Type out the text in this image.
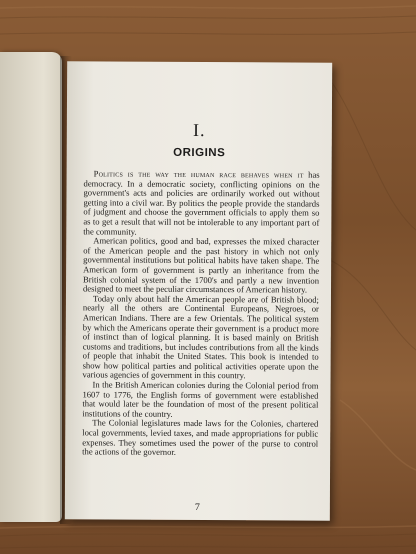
I.
ORIGINS

Politics is the way the human race behaves when it has democracy. In a democratic society, conflicting opinions on the government's acts and policies are ordinarily worked out without getting into a civil war. By politics the people provide the standards of judgment and choose the government officials to apply them so as to get a result that will not be intolerable to any important part of the community.

American politics, good and bad, expresses the mixed character of the American people and the past history in which not only governmental institutions but political habits have taken shape. The American form of government is partly an inheritance from the British colonial system of the 1700's and partly a new invention designed to meet the peculiar circumstances of American history.

Today only about half the American people are of British blood; nearly all the others are Continental Europeans, Negroes, or American Indians. There are a few Orientals. The political system by which the Americans operate their government is a product more of instinct than of logical planning. It is based mainly on British customs and traditions, but includes contributions from all the kinds of people that inhabit the United States. This book is intended to show how political parties and political activities operate upon the various agencies of government in this country.

In the British American colonies during the Colonial period from 1607 to 1776, the English forms of government were established that would later be the foundation of most of the present political institutions of the country.

The Colonial legislatures made laws for the Colonies, chartered local governments, levied taxes, and made appropriations for public expenses. They sometimes used the power of the purse to control the actions of the governor.

7
